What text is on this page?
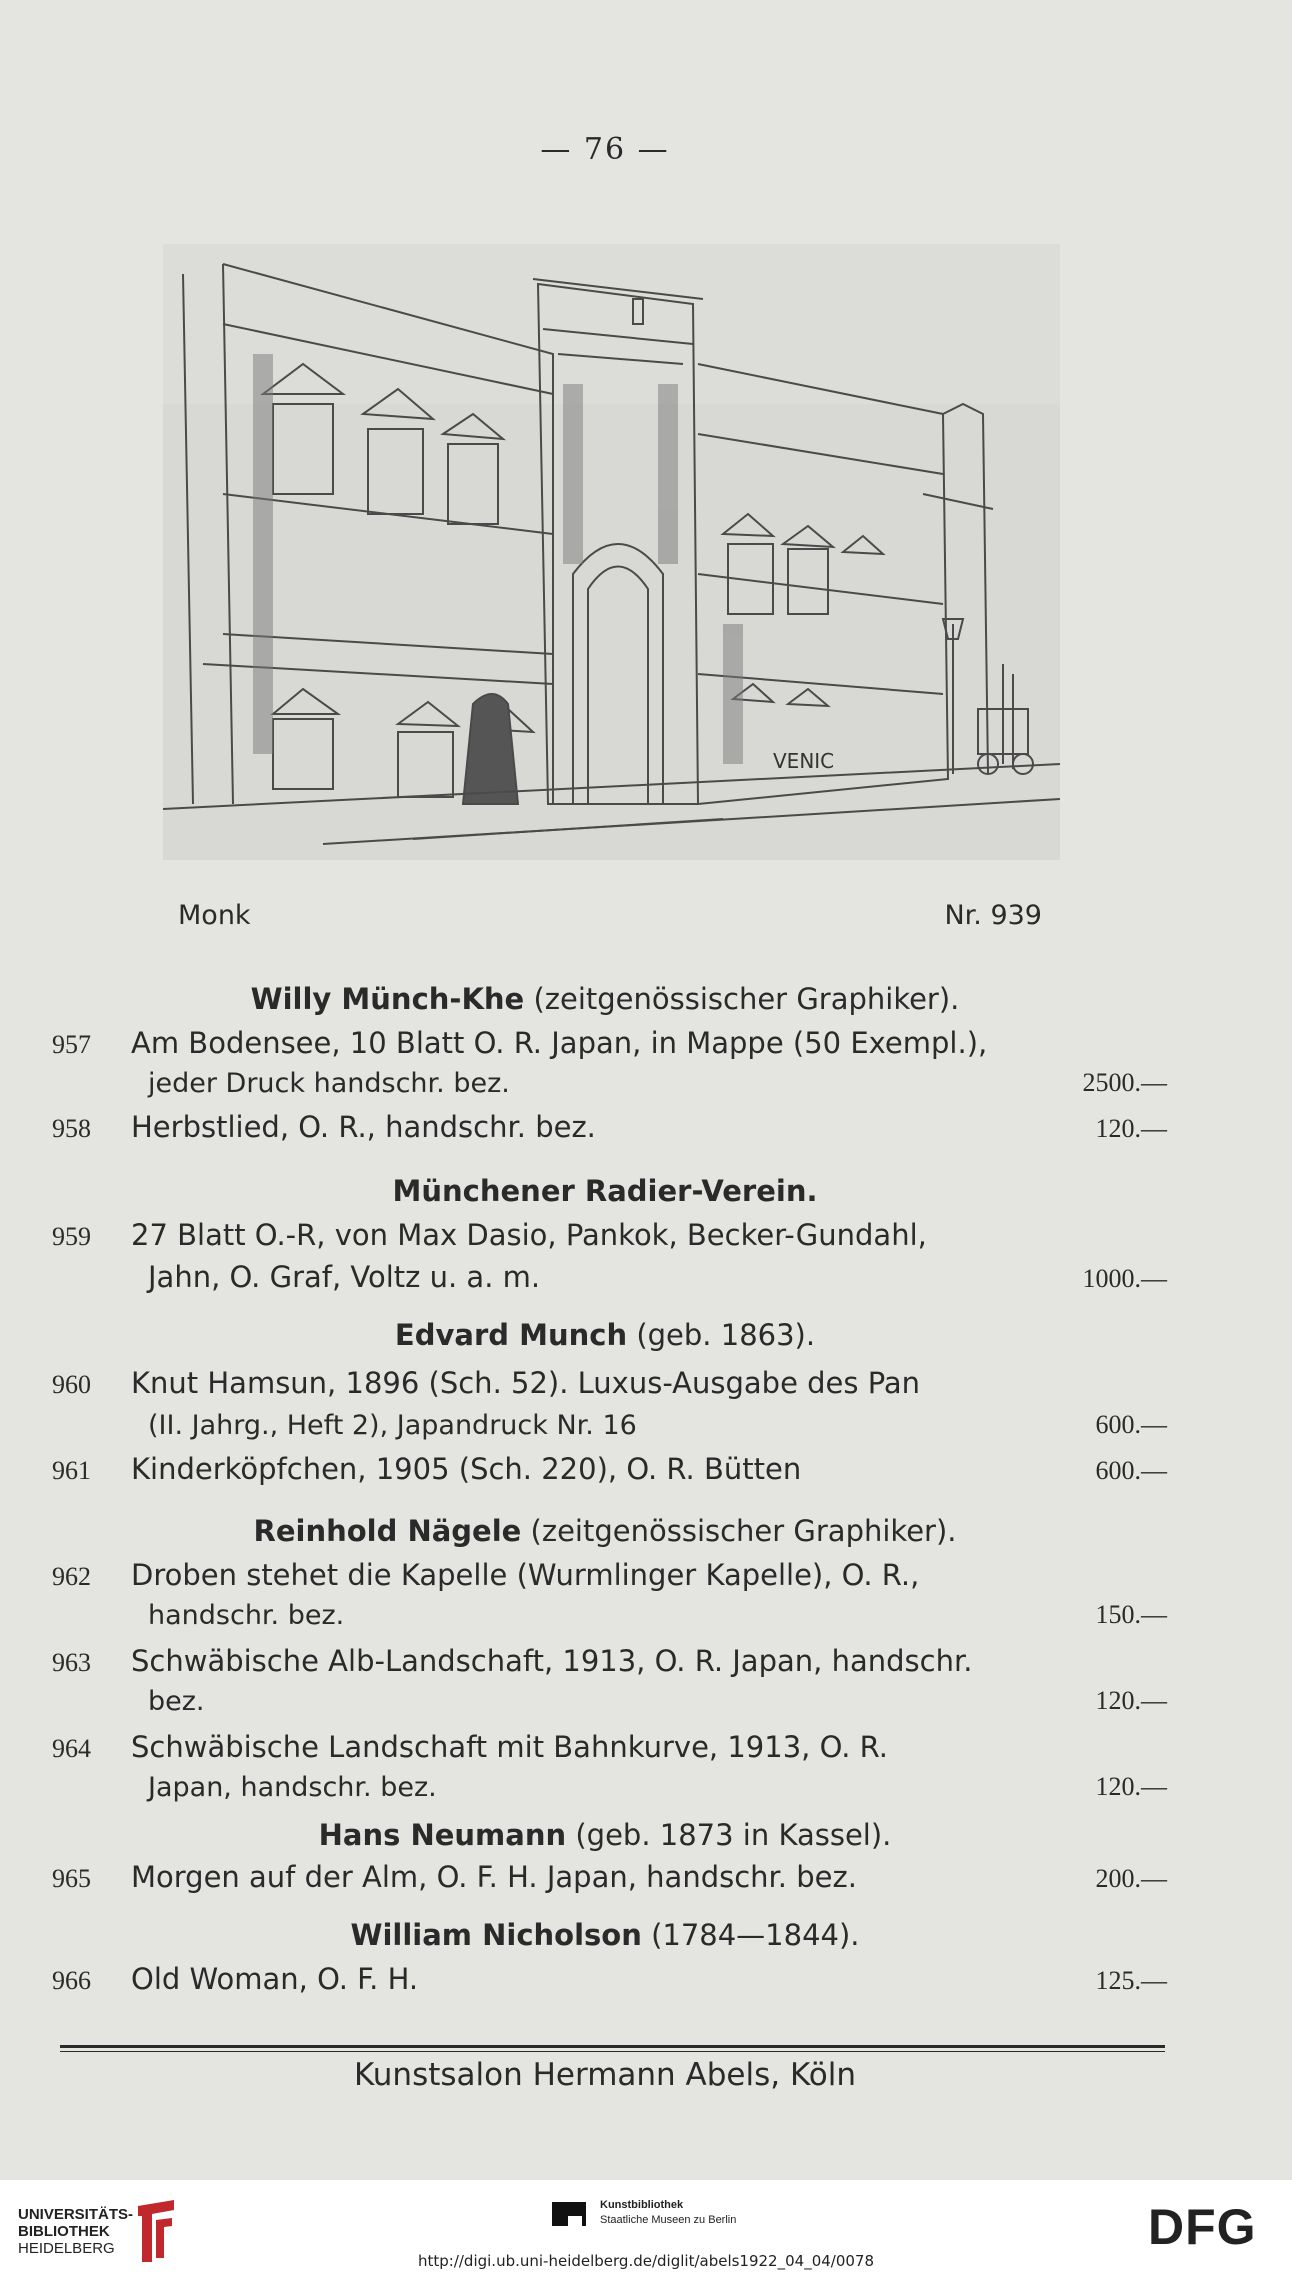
— 76 —
VENIC
Monk	Nr. 939
Willy Münch-Khe (zeitgenössischer Graphiker).
957 Am Bodensee, 10 Blatt O. R. Japan, in Mappe (50 Exempl.),
jeder Druck handschr. bez.	2500.—
958 Herbstlied, O. R., handschr. bez.	120.—
Münchener Radier-Verein.
959 27 Blatt O.-R, von Max Dasio, Pankok, Becker-Gundahl,
Jahn, O. Graf, Voltz u. a. m.	1000.—
Edvard Munch (geb. 1863).
960 Knut Hamsun, 1896 (Sch. 52). Luxus-Ausgabe des Pan
(II. Jahrg., Heft 2), Japandruck Nr. 16	600.—
961 Kinderköpfchen, 1905 (Sch. 220), O. R. Bütten	600.—
Reinhold Nägele (zeitgenössischer Graphiker).
962 Droben stehet die Kapelle (Wurmlinger Kapelle), O. R.,
handschr. bez.	150.—
963 Schwäbische Alb-Landschaft, 1913, O. R. Japan, handschr.
bez.	120.—
964 Schwäbische Landschaft mit Bahnkurve, 1913, O. R.
Japan, handschr. bez.	120.—
Hans Neumann (geb. 1873 in Kassel).
965 Morgen auf der Alm, O. F. H. Japan, handschr. bez.	200.—
William Nicholson (1784—1844).
966 Old Woman, O. F. H.	125.—
Kunstsalon Hermann Abels, Köln
UNIVERSITÄTS-
BIBLIOTHEK
HEIDELBERG
Kunstbibliothek
Staatliche Museen zu Berlin	DFG
http://digi.ub.uni-heidelberg.de/diglit/abels1922_04_04/0078
